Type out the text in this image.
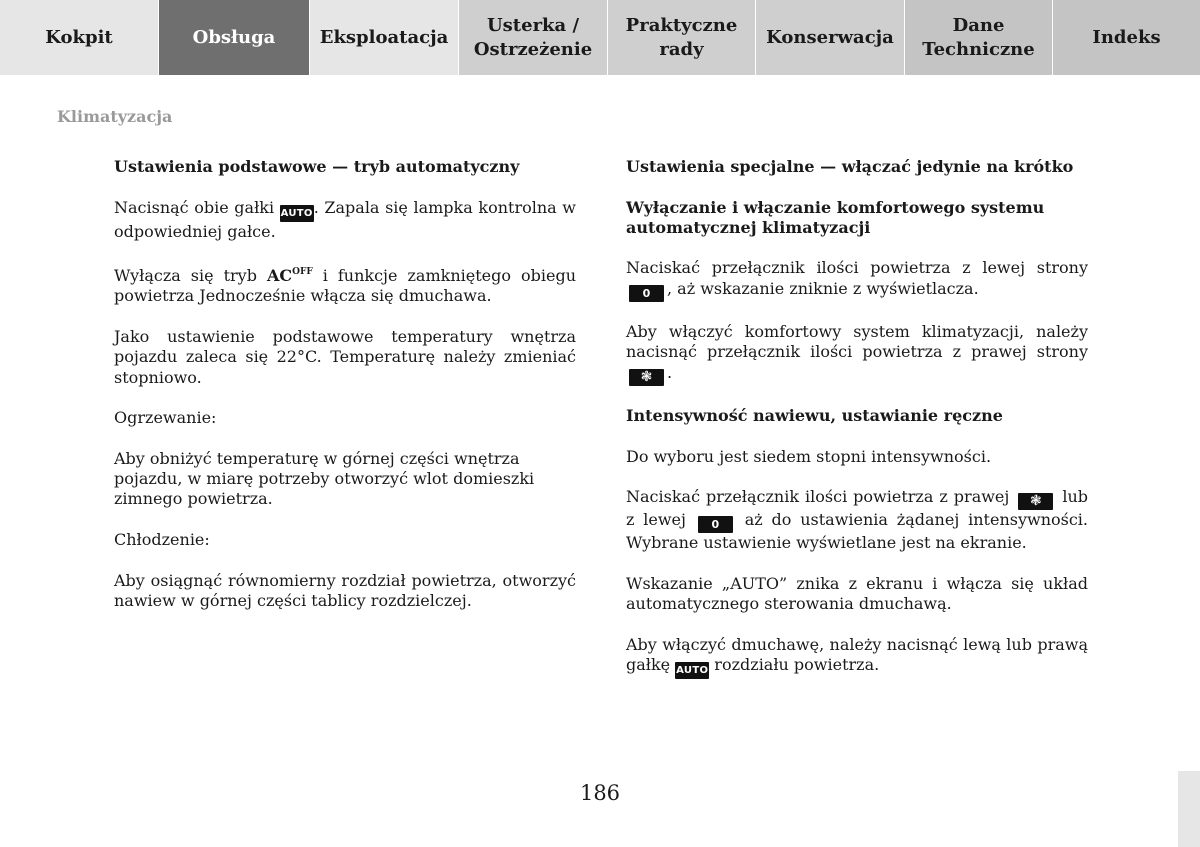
Kokpit	Obsługa	Eksploatacja
Usterka /
Ostrzeżenie
Praktyczne
rady
Konserwacja
Dane
Techniczne
Indeks
Klimatyzacja

Ustawienia podstawowe — tryb automatyczny

Nacisnąć obie gałki AUTO. Zapala się lampka kontrolna w odpowiedniej gałce.

Wyłącza się tryb $AC^{OFF}$ i funkcje zamkniętego obiegu powietrza Jednocześnie włącza się dmuchawa.

Jako ustawienie podstawowe temperatury wnętrza pojazdu zaleca się 22°C. Temperaturę należy zmieniać stopniowo.

Ogrzewanie:

Aby obniżyć temperaturę w górnej części wnętrza pojazdu, w miarę potrzeby otworzyć wlot domieszki zimnego powietrza.

Chłodzenie:

Aby osiągnąć równomierny rozdział powietrza, otworzyć nawiew w górnej części tablicy rozdzielczej.

Ustawienia specjalne — włączać jedynie na krótko

Wyłączanie i włączanie komfortowego systemu automatycznej klimatyzacji

Naciskać przełącznik ilości powietrza z lewej strony 0 , aż wskazanie zniknie z wyświetlacza.

Aby włączyć komfortowy system klimatyzacji, należy nacisnąć przełącznik ilości powietrza z prawej strony ❃ .

Intensywność nawiewu, ustawianie ręczne

Do wyboru jest siedem stopni intensywności.

Naciskać przełącznik ilości powietrza z prawej ❃ lub z lewej 0 aż do ustawienia żądanej intensywności. Wybrane ustawienie wyświetlane jest na ekranie.

Wskazanie „AUTO” znika z ekranu i włącza się układ automatycznego sterowania dmuchawą.

Aby włączyć dmuchawę, należy nacisnąć lewą lub prawą gałkę AUTO rozdziału powietrza.

186
